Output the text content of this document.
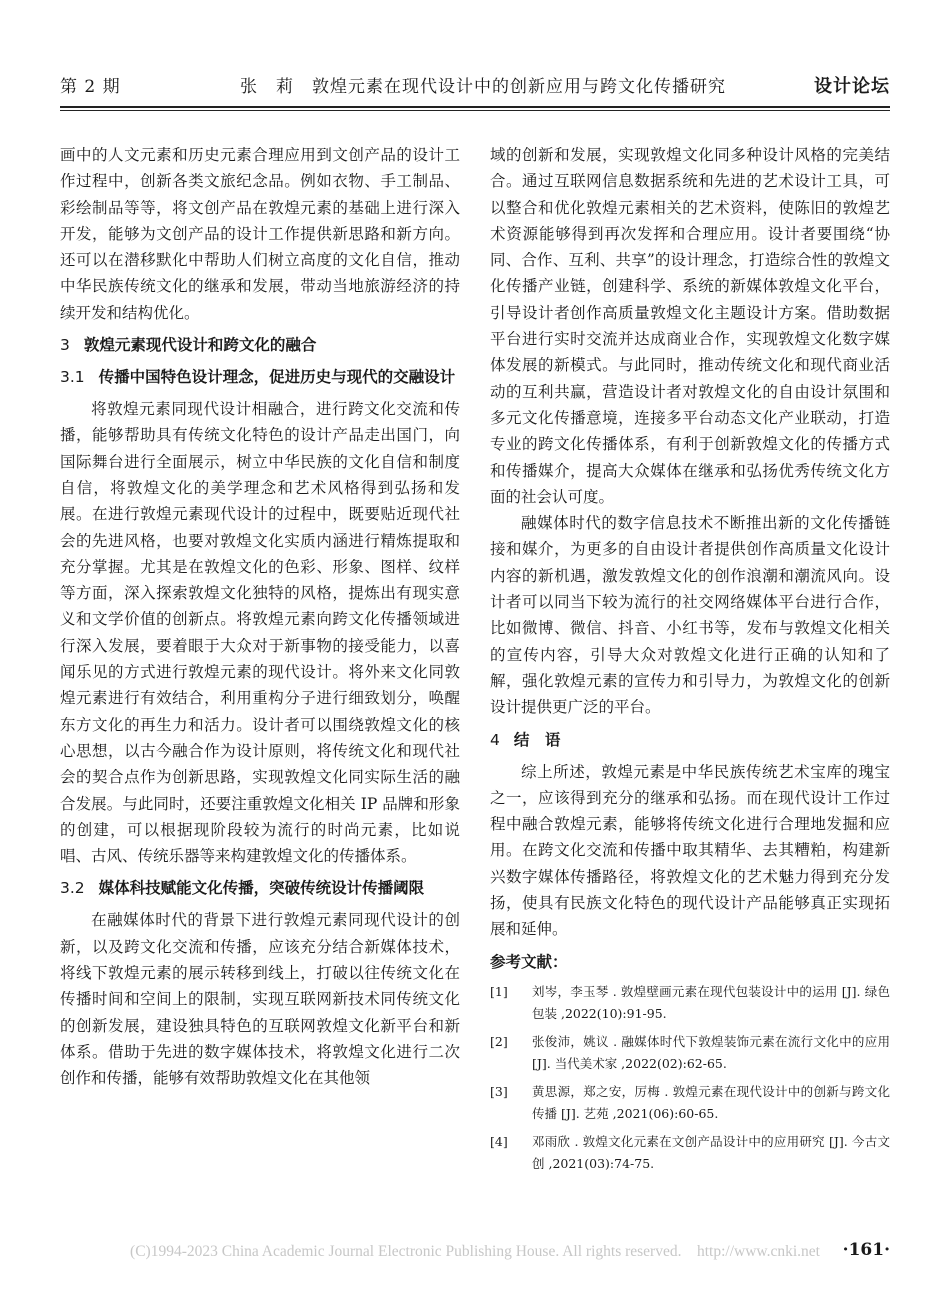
第 2 期	张　莉　敦煌元素在现代设计中的创新应用与跨文化传播研究	设计论坛

画中的人文元素和历史元素合理应用到文创产品的设计工作过程中，创新各类文旅纪念品。例如衣物、手工制品、彩绘制品等等，将文创产品在敦煌元素的基础上进行深入开发，能够为文创产品的设计工作提供新思路和新方向。还可以在潜移默化中帮助人们树立高度的文化自信，推动中华民族传统文化的继承和发展，带动当地旅游经济的持续开发和结构优化。

3 敦煌元素现代设计和跨文化的融合
3.1 传播中国特色设计理念，促进历史与现代的交融设计

将敦煌元素同现代设计相融合，进行跨文化交流和传播，能够帮助具有传统文化特色的设计产品走出国门，向国际舞台进行全面展示，树立中华民族的文化自信和制度自信，将敦煌文化的美学理念和艺术风格得到弘扬和发展。在进行敦煌元素现代设计的过程中，既要贴近现代社会的先进风格，也要对敦煌文化实质内涵进行精炼提取和充分掌握。尤其是在敦煌文化的色彩、形象、图样、纹样等方面，深入探索敦煌文化独特的风格，提炼出有现实意义和文学价值的创新点。将敦煌元素向跨文化传播领域进行深入发展，要着眼于大众对于新事物的接受能力，以喜闻乐见的方式进行敦煌元素的现代设计。将外来文化同敦煌元素进行有效结合，利用重构分子进行细致划分，唤醒东方文化的再生力和活力。设计者可以围绕敦煌文化的核心思想，以古今融合作为设计原则，将传统文化和现代社会的契合点作为创新思路，实现敦煌文化同实际生活的融合发展。与此同时，还要注重敦煌文化相关 IP 品牌和形象的创建，可以根据现阶段较为流行的时尚元素，比如说唱、古风、传统乐器等来构建敦煌文化的传播体系。

3.2 媒体科技赋能文化传播，突破传统设计传播阈限

在融媒体时代的背景下进行敦煌元素同现代设计的创新，以及跨文化交流和传播，应该充分结合新媒体技术，将线下敦煌元素的展示转移到线上，打破以往传统文化在传播时间和空间上的限制，实现互联网新技术同传统文化的创新发展，建设独具特色的互联网敦煌文化新平台和新体系。借助于先进的数字媒体技术，将敦煌文化进行二次创作和传播，能够有效帮助敦煌文化在其他领

域的创新和发展，实现敦煌文化同多种设计风格的完美结合。通过互联网信息数据系统和先进的艺术设计工具，可以整合和优化敦煌元素相关的艺术资料，使陈旧的敦煌艺术资源能够得到再次发挥和合理应用。设计者要围绕“协同、合作、互利、共享”的设计理念，打造综合性的敦煌文化传播产业链，创建科学、系统的新媒体敦煌文化平台，引导设计者创作高质量敦煌文化主题设计方案。借助数据平台进行实时交流并达成商业合作，实现敦煌文化数字媒体发展的新模式。与此同时，推动传统文化和现代商业活动的互利共赢，营造设计者对敦煌文化的自由设计氛围和多元文化传播意境，连接多平台动态文化产业联动，打造专业的跨文化传播体系，有利于创新敦煌文化的传播方式和传播媒介，提高大众媒体在继承和弘扬优秀传统文化方面的社会认可度。

融媒体时代的数字信息技术不断推出新的文化传播链接和媒介，为更多的自由设计者提供创作高质量文化设计内容的新机遇，激发敦煌文化的创作浪潮和潮流风向。设计者可以同当下较为流行的社交网络媒体平台进行合作，比如微博、微信、抖音、小红书等，发布与敦煌文化相关的宣传内容，引导大众对敦煌文化进行正确的认知和了解，强化敦煌元素的宣传力和引导力，为敦煌文化的创新设计提供更广泛的平台。

4 结　语

综上所述，敦煌元素是中华民族传统艺术宝库的瑰宝之一，应该得到充分的继承和弘扬。而在现代设计工作过程中融合敦煌元素，能够将传统文化进行合理地发掘和应用。在跨文化交流和传播中取其精华、去其糟粕，构建新兴数字媒体传播路径，将敦煌文化的艺术魅力得到充分发扬，使具有民族文化特色的现代设计产品能够真正实现拓展和延伸。

参考文献：
[1]	刘岑，李玉琴 . 敦煌壁画元素在现代包装设计中的运用 [J]. 绿色包装 ,2022(10):91-95.
[2]	张俊沛，姚议 . 融媒体时代下敦煌装饰元素在流行文化中的应用 [J]. 当代美术家 ,2022(02):62-65.
[3]	黄思源，郑之安，厉梅 . 敦煌元素在现代设计中的创新与跨文化传播 [J]. 艺苑 ,2021(06):60-65.
[4]	邓雨欣 . 敦煌文化元素在文创产品设计中的应用研究 [J]. 今古文创 ,2021(03):74-75.
(C)1994-2023 China Academic Journal Electronic Publishing House. All rights reserved.　http://www.cnki.net	·161·
